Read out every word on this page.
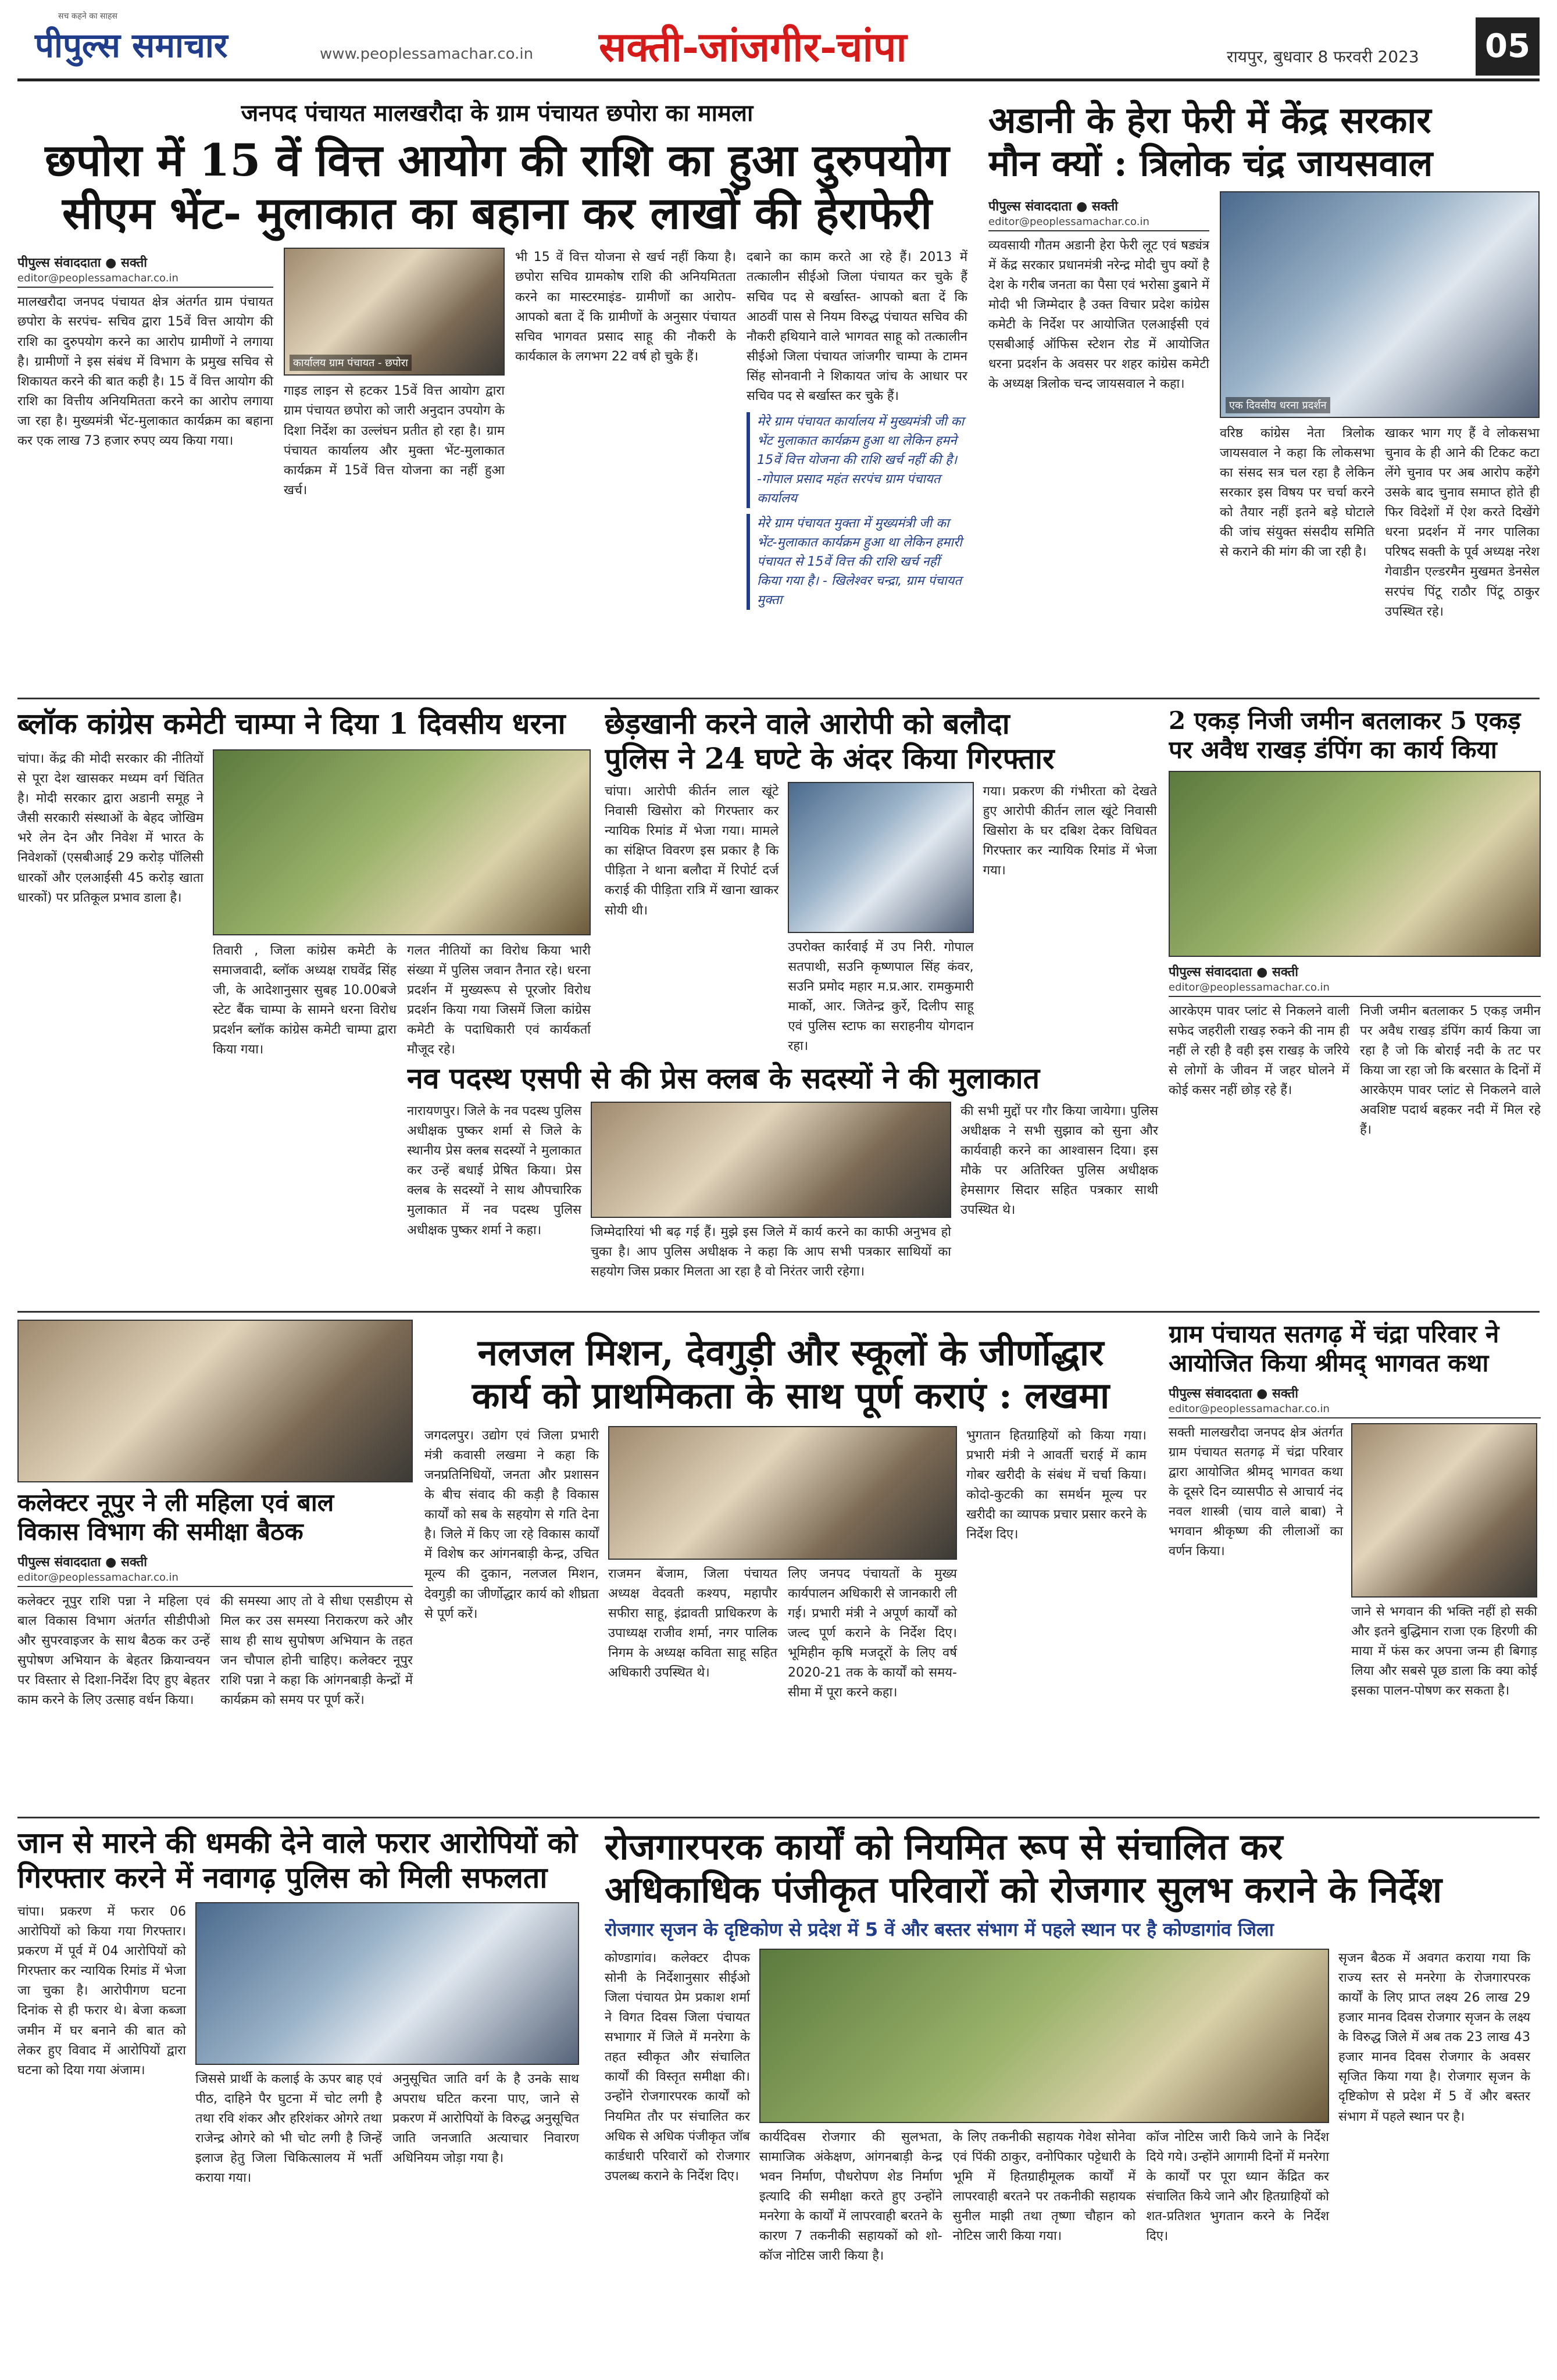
सच कहने का साहस
पीपुल्स समाचार	www.peoplessamachar.co.in सक्ती-जांजगीर-चांपा	रायपुर, बुधवार 8 फरवरी 2023 05
जनपद पंचायत मालखरौदा के ग्राम पंचायत छपोरा का मामला
छपोरा में 15 वें वित्त आयोग की राशि का हुआ दुरुपयोग
सीएम भेंट- मुलाकात का बहाना कर लाखों की हेराफेरी
पीपुल्स संवाददाता ● सक्ती
editor@peoplessamachar.co.in
मालखरौदा जनपद पंचायत क्षेत्र अंतर्गत ग्राम पंचायत छपोरा के सरपंच- सचिव द्वारा 15वें वित्त आयोग की राशि का दुरुपयोग करने का आरोप ग्रामीणों ने लगाया है। ग्रामीणों ने इस संबंध में विभाग के प्रमुख सचिव से शिकायत करने की बात कही है। 15 वें वित्त आयोग की राशि का वित्तीय अनियमितता करने का आरोप लगाया जा रहा है। मुख्यमंत्री भेंट-मुलाकात कार्यक्रम का बहाना कर एक लाख 73 हजार रुपए व्यय किया गया।
कार्यालय ग्राम पंचायत - छपोरा
गाइड लाइन से हटकर 15वें वित्त आयोग द्वारा ग्राम पंचायत छपोरा को जारी अनुदान उपयोग के दिशा निर्देश का उल्लंघन प्रतीत हो रहा है। ग्राम पंचायत कार्यालय और मुक्ता भेंट-मुलाकात कार्यक्रम में 15वें वित्त योजना का नहीं हुआ खर्च।
भी 15 वें वित्त योजना से खर्च नहीं किया है। छपोरा सचिव ग्रामकोष राशि की अनियमितता करने का मास्टरमाइंड- ग्रामीणों का आरोप- आपको बता दें कि ग्रामीणों के अनुसार पंचायत सचिव भागवत प्रसाद साहू की नौकरी के कार्यकाल के लगभग 22 वर्ष हो चुके हैं।
दबाने का काम करते आ रहे हैं। 2013 में तत्कालीन सीईओ जिला पंचायत कर चुके हैं सचिव पद से बर्खास्त- आपको बता दें कि आठवीं पास से नियम विरुद्ध पंचायत सचिव की नौकरी हथियाने वाले भागवत साहू को तत्कालीन सीईओ जिला पंचायत जांजगीर चाम्पा के टामन सिंह सोनवानी ने शिकायत जांच के आधार पर सचिव पद से बर्खास्त कर चुके हैं।
मेरे ग्राम पंचायत कार्यालय में मुख्यमंत्री जी का भेंट मुलाकात कार्यक्रम हुआ था लेकिन हमने 15वें वित्त योजना की राशि खर्च नहीं की है। -गोपाल प्रसाद महंत सरपंच ग्राम पंचायत कार्यालय
मेरे ग्राम पंचायत मुक्ता में मुख्यमंत्री जी का भेंट-मुलाकात कार्यक्रम हुआ था लेकिन हमारी पंचायत से 15वें वित्त की राशि खर्च नहीं किया गया है। - खिलेश्वर चन्द्रा, ग्राम पंचायत मुक्ता
अडानी के हेरा फेरी में केंद्र सरकार
मौन क्यों : त्रिलोक चंद्र जायसवाल
पीपुल्स संवाददाता ● सक्ती
editor@peoplessamachar.co.in
व्यवसायी गौतम अडानी हेरा फेरी लूट एवं षड्यंत्र में केंद्र सरकार प्रधानमंत्री नरेन्द्र मोदी चुप क्यों है देश के गरीब जनता का पैसा एवं भरोसा डुबाने में मोदी भी जिम्मेदार है उक्त विचार प्रदेश कांग्रेस कमेटी के निर्देश पर आयोजित एलआईसी एवं एसबीआई ऑफिस स्टेशन रोड में आयोजित धरना प्रदर्शन के अवसर पर शहर कांग्रेस कमेटी के अध्यक्ष त्रिलोक चन्द जायसवाल ने कहा।
एक दिवसीय धरना प्रदर्शन
वरिष्ठ कांग्रेस नेता त्रिलोक जायसवाल ने कहा कि लोकसभा का संसद सत्र चल रहा है लेकिन सरकार इस विषय पर चर्चा करने को तैयार नहीं इतने बड़े घोटाले की जांच संयुक्त संसदीय समिति से कराने की मांग की जा रही है।
खाकर भाग गए हैं वे लोकसभा चुनाव के ही आने की टिकट कटा लेंगे चुनाव पर अब आरोप कहेंगे उसके बाद चुनाव समाप्त होते ही फिर विदेशों में ऐश करते दिखेंगे धरना प्रदर्शन में नगर पालिका परिषद सक्ती के पूर्व अध्यक्ष नरेश गेवाडीन एल्डरमैन मुखमत डेनसेल सरपंच पिंटू राठौर पिंटू ठाकुर उपस्थित रहे।
ब्लॉक कांग्रेस कमेटी चाम्पा ने दिया 1 दिवसीय धरना
चांपा। केंद्र की मोदी सरकार की नीतियों से पूरा देश खासकर मध्यम वर्ग चिंतित है। मोदी सरकार द्वारा अडानी समूह ने जैसी सरकारी संस्थाओं के बेहद जोखिम भरे लेन देन और निवेश में भारत के निवेशकों (एसबीआई 29 करोड़ पॉलिसी धारकों और एलआईसी 45 करोड़ खाता धारकों) पर प्रतिकूल प्रभाव डाला है।
तिवारी , जिला कांग्रेस कमेटी के समाजवादी, ब्लॉक अध्यक्ष राघवेंद्र सिंह जी, के आदेशानुसार सुबह 10.00बजे स्टेट बैंक चाम्पा के सामने धरना विरोध प्रदर्शन ब्लॉक कांग्रेस कमेटी चाम्पा द्वारा किया गया।
गलत नीतियों का विरोध किया भारी संख्या में पुलिस जवान तैनात रहे। धरना प्रदर्शन में मुख्यरूप से पूरजोर विरोध प्रदर्शन किया गया जिसमें जिला कांग्रेस कमेटी के पदाधिकारी एवं कार्यकर्ता मौजूद रहे।
छेड़खानी करने वाले आरोपी को बलौदा
पुलिस ने 24 घण्टे के अंदर किया गिरफ्तार
चांपा। आरोपी कीर्तन लाल खूंटे निवासी खिसोरा को गिरफ्तार कर न्यायिक रिमांड में भेजा गया। मामले का संक्षिप्त विवरण इस प्रकार है कि पीड़िता ने थाना बलौदा में रिपोर्ट दर्ज कराई की पीड़िता रात्रि में खाना खाकर सोयी थी।
उपरोक्त कार्रवाई में उप निरी. गोपाल सतपाथी, सउनि कृष्णपाल सिंह कंवर, सउनि प्रमोद महार म.प्र.आर. रामकुमारी मार्को, आर. जितेन्द्र कुर्रे, दिलीप साहू एवं पुलिस स्टाफ का सराहनीय योगदान रहा।
गया। प्रकरण की गंभीरता को देखते हुए आरोपी कीर्तन लाल खूंटे निवासी खिसोरा के घर दबिश देकर विधिवत गिरफ्तार कर न्यायिक रिमांड में भेजा गया।
2 एकड़ निजी जमीन बतलाकर 5 एकड़
पर अवैध राखड़ डंपिंग का कार्य किया
पीपुल्स संवाददाता ● सक्ती
editor@peoplessamachar.co.in
आरकेएम पावर प्लांट से निकलने वाली सफेद जहरीली राखड़ रुकने की नाम ही नहीं ले रही है वही इस राखड़ के जरिये से लोगों के जीवन में जहर घोलने में कोई कसर नहीं छोड़ रहे हैं।
निजी जमीन बतलाकर 5 एकड़ जमीन पर अवैध राखड़ डंपिंग कार्य किया जा रहा है जो कि बोराई नदी के तट पर किया जा रहा जो कि बरसात के दिनों में आरकेएम पावर प्लांट से निकलने वाले अवशिष्ट पदार्थ बहकर नदी में मिल रहे हैं।
नव पदस्थ एसपी से की प्रेस क्लब के सदस्यों ने की मुलाकात
नारायणपुर। जिले के नव पदस्थ पुलिस अधीक्षक पुष्कर शर्मा से जिले के स्थानीय प्रेस क्लब सदस्यों ने मुलाकात कर उन्हें बधाई प्रेषित किया। प्रेस क्लब के सदस्यों ने साथ औपचारिक मुलाकात में नव पदस्थ पुलिस अधीक्षक पुष्कर शर्मा ने कहा।	जिम्मेदारियां भी बढ़ गई हैं। मुझे इस जिले में कार्य करने का काफी अनुभव हो चुका है। आप पुलिस अधीक्षक ने कहा कि आप सभी पत्रकार साथियों का सहयोग जिस प्रकार मिलता आ रहा है वो निरंतर जारी रहेगा।
की सभी मुद्दों पर गौर किया जायेगा। पुलिस अधीक्षक ने सभी सुझाव को सुना और कार्यवाही करने का आश्वासन दिया। इस मौके पर अतिरिक्त पुलिस अधीक्षक हेमसागर सिदार सहित पत्रकार साथी उपस्थित थे।
कलेक्टर नूपुर ने ली महिला एवं बाल
विकास विभाग की समीक्षा बैठक
पीपुल्स संवाददाता ● सक्ती
editor@peoplessamachar.co.in
कलेक्टर नूपुर राशि पन्ना ने महिला एवं बाल विकास विभाग अंतर्गत सीडीपीओ और सुपरवाइजर के साथ बैठक कर उन्हें सुपोषण अभियान के बेहतर क्रियान्वयन पर विस्तार से दिशा-निर्देश दिए हुए बेहतर काम करने के लिए उत्साह वर्धन किया।
की समस्या आए तो वे सीधा एसडीएम से मिल कर उस समस्या निराकरण करे और साथ ही साथ सुपोषण अभियान के तहत जन चौपाल होनी चाहिए। कलेक्टर नूपुर राशि पन्ना ने कहा कि आंगनबाड़ी केन्द्रों में कार्यक्रम को समय पर पूर्ण करें।
नलजल मिशन, देवगुड़ी और स्कूलों के जीर्णोद्धार
कार्य को प्राथमिकता के साथ पूर्ण कराएं : लखमा
जगदलपुर। उद्योग एवं जिला प्रभारी मंत्री कवासी लखमा ने कहा कि जनप्रतिनिधियों, जनता और प्रशासन के बीच संवाद की कड़ी है विकास कार्यों को सब के सहयोग से गति देना है। जिले में किए जा रहे विकास कार्यों में विशेष कर आंगनबाड़ी केन्द्र, उचित मूल्य की दुकान, नलजल मिशन, देवगुड़ी का जीर्णोद्धार कार्य को शीघ्रता से पूर्ण करें।
राजमन बेंजाम, जिला पंचायत अध्यक्ष वेदवती कश्यप, महापौर सफीरा साहू, इंद्रावती प्राधिकरण के उपाध्यक्ष राजीव शर्मा, नगर पालिक निगम के अध्यक्ष कविता साहू सहित अधिकारी उपस्थित थे।
लिए जनपद पंचायतों के मुख्य कार्यपालन अधिकारी से जानकारी ली गई। प्रभारी मंत्री ने अपूर्ण कार्यों को जल्द पूर्ण कराने के निर्देश दिए। भूमिहीन कृषि मजदूरों के लिए वर्ष 2020-21 तक के कार्यों को समय-सीमा में पूरा करने कहा।
भुगतान हितग्राहियों को किया गया। प्रभारी मंत्री ने आवर्ती चराई में काम गोबर खरीदी के संबंध में चर्चा किया। कोदो-कुटकी का समर्थन मूल्य पर खरीदी का व्यापक प्रचार प्रसार करने के निर्देश दिए।
ग्राम पंचायत सतगढ़ में चंद्रा परिवार ने
आयोजित किया श्रीमद् भागवत कथा
पीपुल्स संवाददाता ● सक्ती
editor@peoplessamachar.co.in
सक्ती मालखरौदा जनपद क्षेत्र अंतर्गत ग्राम पंचायत सतगढ़ में चंद्रा परिवार द्वारा आयोजित श्रीमद् भागवत कथा के दूसरे दिन व्यासपीठ से आचार्य नंद नवल शास्त्री (चाय वाले बाबा) ने भगवान श्रीकृष्ण की लीलाओं का वर्णन किया।
जाने से भगवान की भक्ति नहीं हो सकी और इतने बुद्धिमान राजा एक हिरणी की माया में फंस कर अपना जन्म ही बिगाड़ लिया और सबसे पूछ डाला कि क्या कोई इसका पालन-पोषण कर सकता है।
जान से मारने की धमकी देने वाले फरार आरोपियों को
गिरफ्तार करने में नवागढ़ पुलिस को मिली सफलता
चांपा। प्रकरण में फरार 06 आरोपियों को किया गया गिरफ्तार। प्रकरण में पूर्व में 04 आरोपियों को गिरफ्तार कर न्यायिक रिमांड में भेजा जा चुका है। आरोपीगण घटना दिनांक से ही फरार थे। बेजा कब्जा जमीन में घर बनाने की बात को लेकर हुए विवाद में आरोपियों द्वारा घटना को दिया गया अंजाम।
जिससे प्रार्थी के कलाई के ऊपर बाह एवं पीठ, दाहिने पैर घुटना में चोट लगी है तथा रवि शंकर और हरिशंकर ओगरे तथा राजेन्द्र ओगरे को भी चोट लगी है जिन्हें इलाज हेतु जिला चिकित्सालय में भर्ती कराया गया।
अनुसूचित जाति वर्ग के है उनके साथ अपराध घटित करना पाए, जाने से प्रकरण में आरोपियों के विरुद्ध अनुसूचित जाति जनजाति अत्याचार निवारण अधिनियम जोड़ा गया है।
रोजगारपरक कार्यों को नियमित रूप से संचालित कर
अधिकाधिक पंजीकृत परिवारों को रोजगार सुलभ कराने के निर्देश
रोजगार सृजन के दृष्टिकोण से प्रदेश में 5 वें और बस्तर संभाग में पहले स्थान पर है कोण्डागांव जिला
कोण्डागांव। कलेक्टर दीपक सोनी के निर्देशानुसार सीईओ जिला पंचायत प्रेम प्रकाश शर्मा ने विगत दिवस जिला पंचायत सभागार में जिले में मनरेगा के तहत स्वीकृत और संचालित कार्यों की विस्तृत समीक्षा की। उन्होंने रोजगारपरक कार्यों को नियमित तौर पर संचालित कर अधिक से अधिक पंजीकृत जॉब कार्डधारी परिवारों को रोजगार उपलब्ध कराने के निर्देश दिए।
कार्यदिवस रोजगार की सुलभता, सामाजिक अंकेक्षण, आंगनबाड़ी केन्द्र भवन निर्माण, पौधरोपण शेड निर्माण इत्यादि की समीक्षा करते हुए उन्होंने मनरेगा के कार्यों में लापरवाही बरतने के कारण 7 तकनीकी सहायकों को शो-कॉज नोटिस जारी किया है।
के लिए तकनीकी सहायक गेवेश सोनेवा एवं पिंकी ठाकुर, वनोपिकार पट्टेधारी के भूमि में हितग्राहीमूलक कार्यों में लापरवाही बरतने पर तकनीकी सहायक सुनील माझी तथा तृष्णा चौहान को नोटिस जारी किया गया।
कॉज नोटिस जारी किये जाने के निर्देश दिये गये। उन्होंने आगामी दिनों में मनरेगा के कार्यों पर पूरा ध्यान केंद्रित कर संचालित किये जाने और हितग्राहियों को शत-प्रतिशत भुगतान करने के निर्देश दिए।
सृजन बैठक में अवगत कराया गया कि राज्य स्तर से मनरेगा के रोजगारपरक कार्यों के लिए प्राप्त लक्ष्य 26 लाख 29 हजार मानव दिवस रोजगार सृजन के लक्ष्य के विरुद्ध जिले में अब तक 23 लाख 43 हजार मानव दिवस रोजगार के अवसर सृजित किया गया है। रोजगार सृजन के दृष्टिकोण से प्रदेश में 5 वें और बस्तर संभाग में पहले स्थान पर है।
